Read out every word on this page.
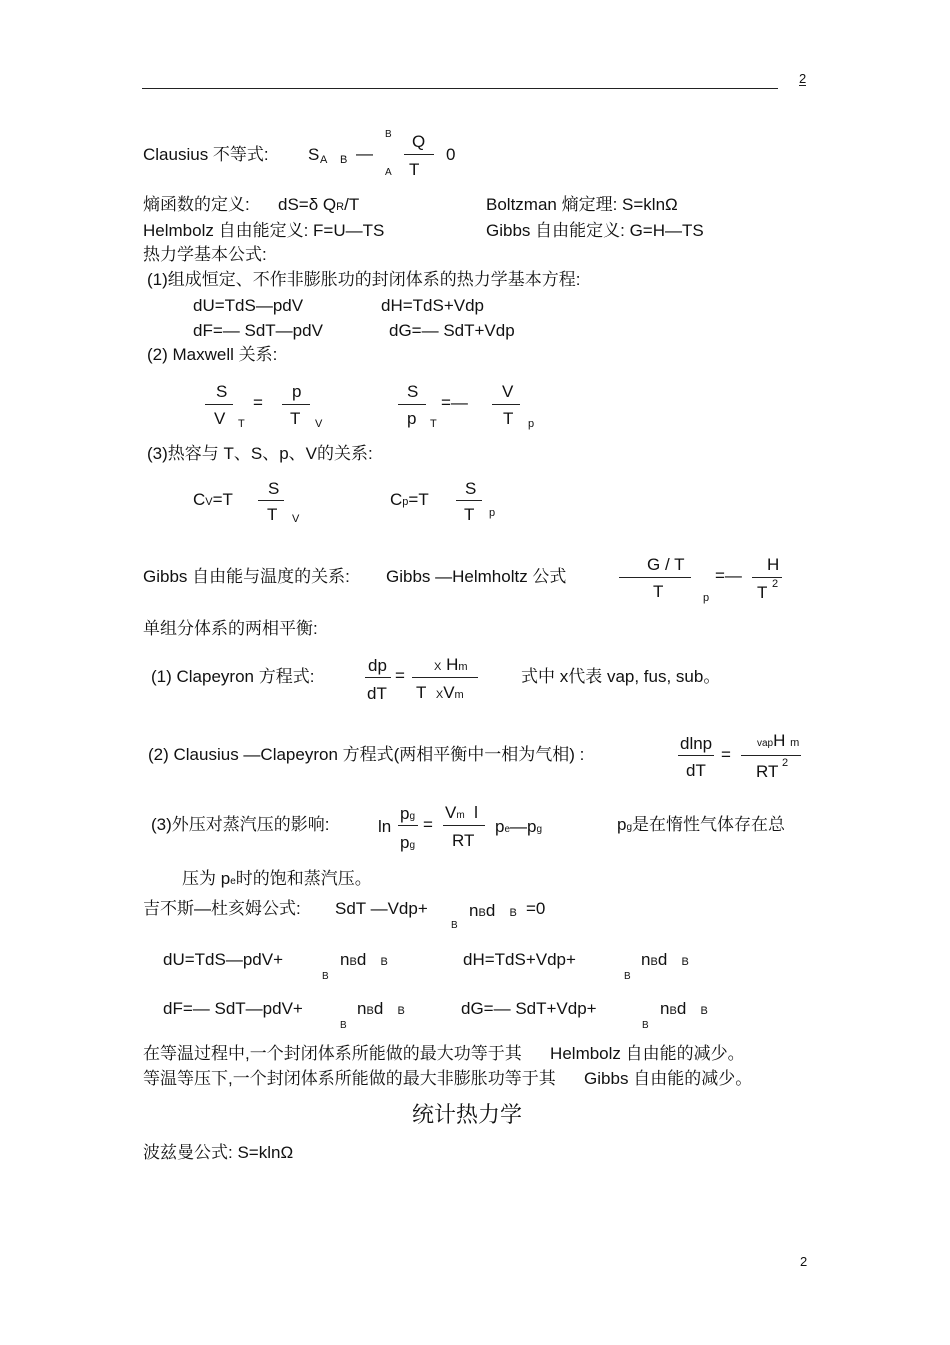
2
Clausius 不等式: S A B —
B
A
Q
T
0
熵函数的定义: dS=δ QR/T	Boltzman 熵定理: S=klnΩ
Helmbolz 自由能定义: F=U—TS	Gibbs 自由能定义: G=H—TS
热力学基本公式:
(1)组成恒定、不作非膨胀功的封闭体系的热力学基本方程:
dU=TdS—pdV	dH=TdS+Vdp
dF=— SdT—pdV	dG=— SdT+Vdp
(2) Maxwell 关系:
S
V T
=
p
T V
S
p T
=—
V
T p
(3)热容与 T、S、p、V的关系:
CV=T
S
T V
Cp=T
S
T p
Gibbs 自由能与温度的关系: Gibbs —Helmholtz 公式
G / T
T	p
=—
H
T 2
单组分体系的两相平衡:
(1) Clapeyron 方程式:
dp
dT
=	X Hm
T XVm
式中 x代表 vap, fus, sub。
(2) Clausius —Clapeyron 方程式(两相平衡中一相为气相) :
dlnp
dT
=
vapH m
RT 2
(3)外压对蒸汽压的影响:	ln
pg
pg
=
Vm l
RT
pe—pg	pg是在惰性气体存在总
压为 pe时的饱和蒸汽压。
吉不斯—杜亥姆公式: SdT —Vdp+
B
nBd B =0
dU=TdS—pdV+
B
nBd B	dH=TdS+Vdp+
B
nBd B
dF=— SdT—pdV+
B
nBd B	dG=— SdT+Vdp+
B
nBd B
在等温过程中,一个封闭体系所能做的最大功等于其      Helmbolz 自由能的减少。
等温等压下,一个封闭体系所能做的最大非膨胀功等于其      Gibbs 自由能的减少。
统计热力学
波兹曼公式: S=klnΩ
2
